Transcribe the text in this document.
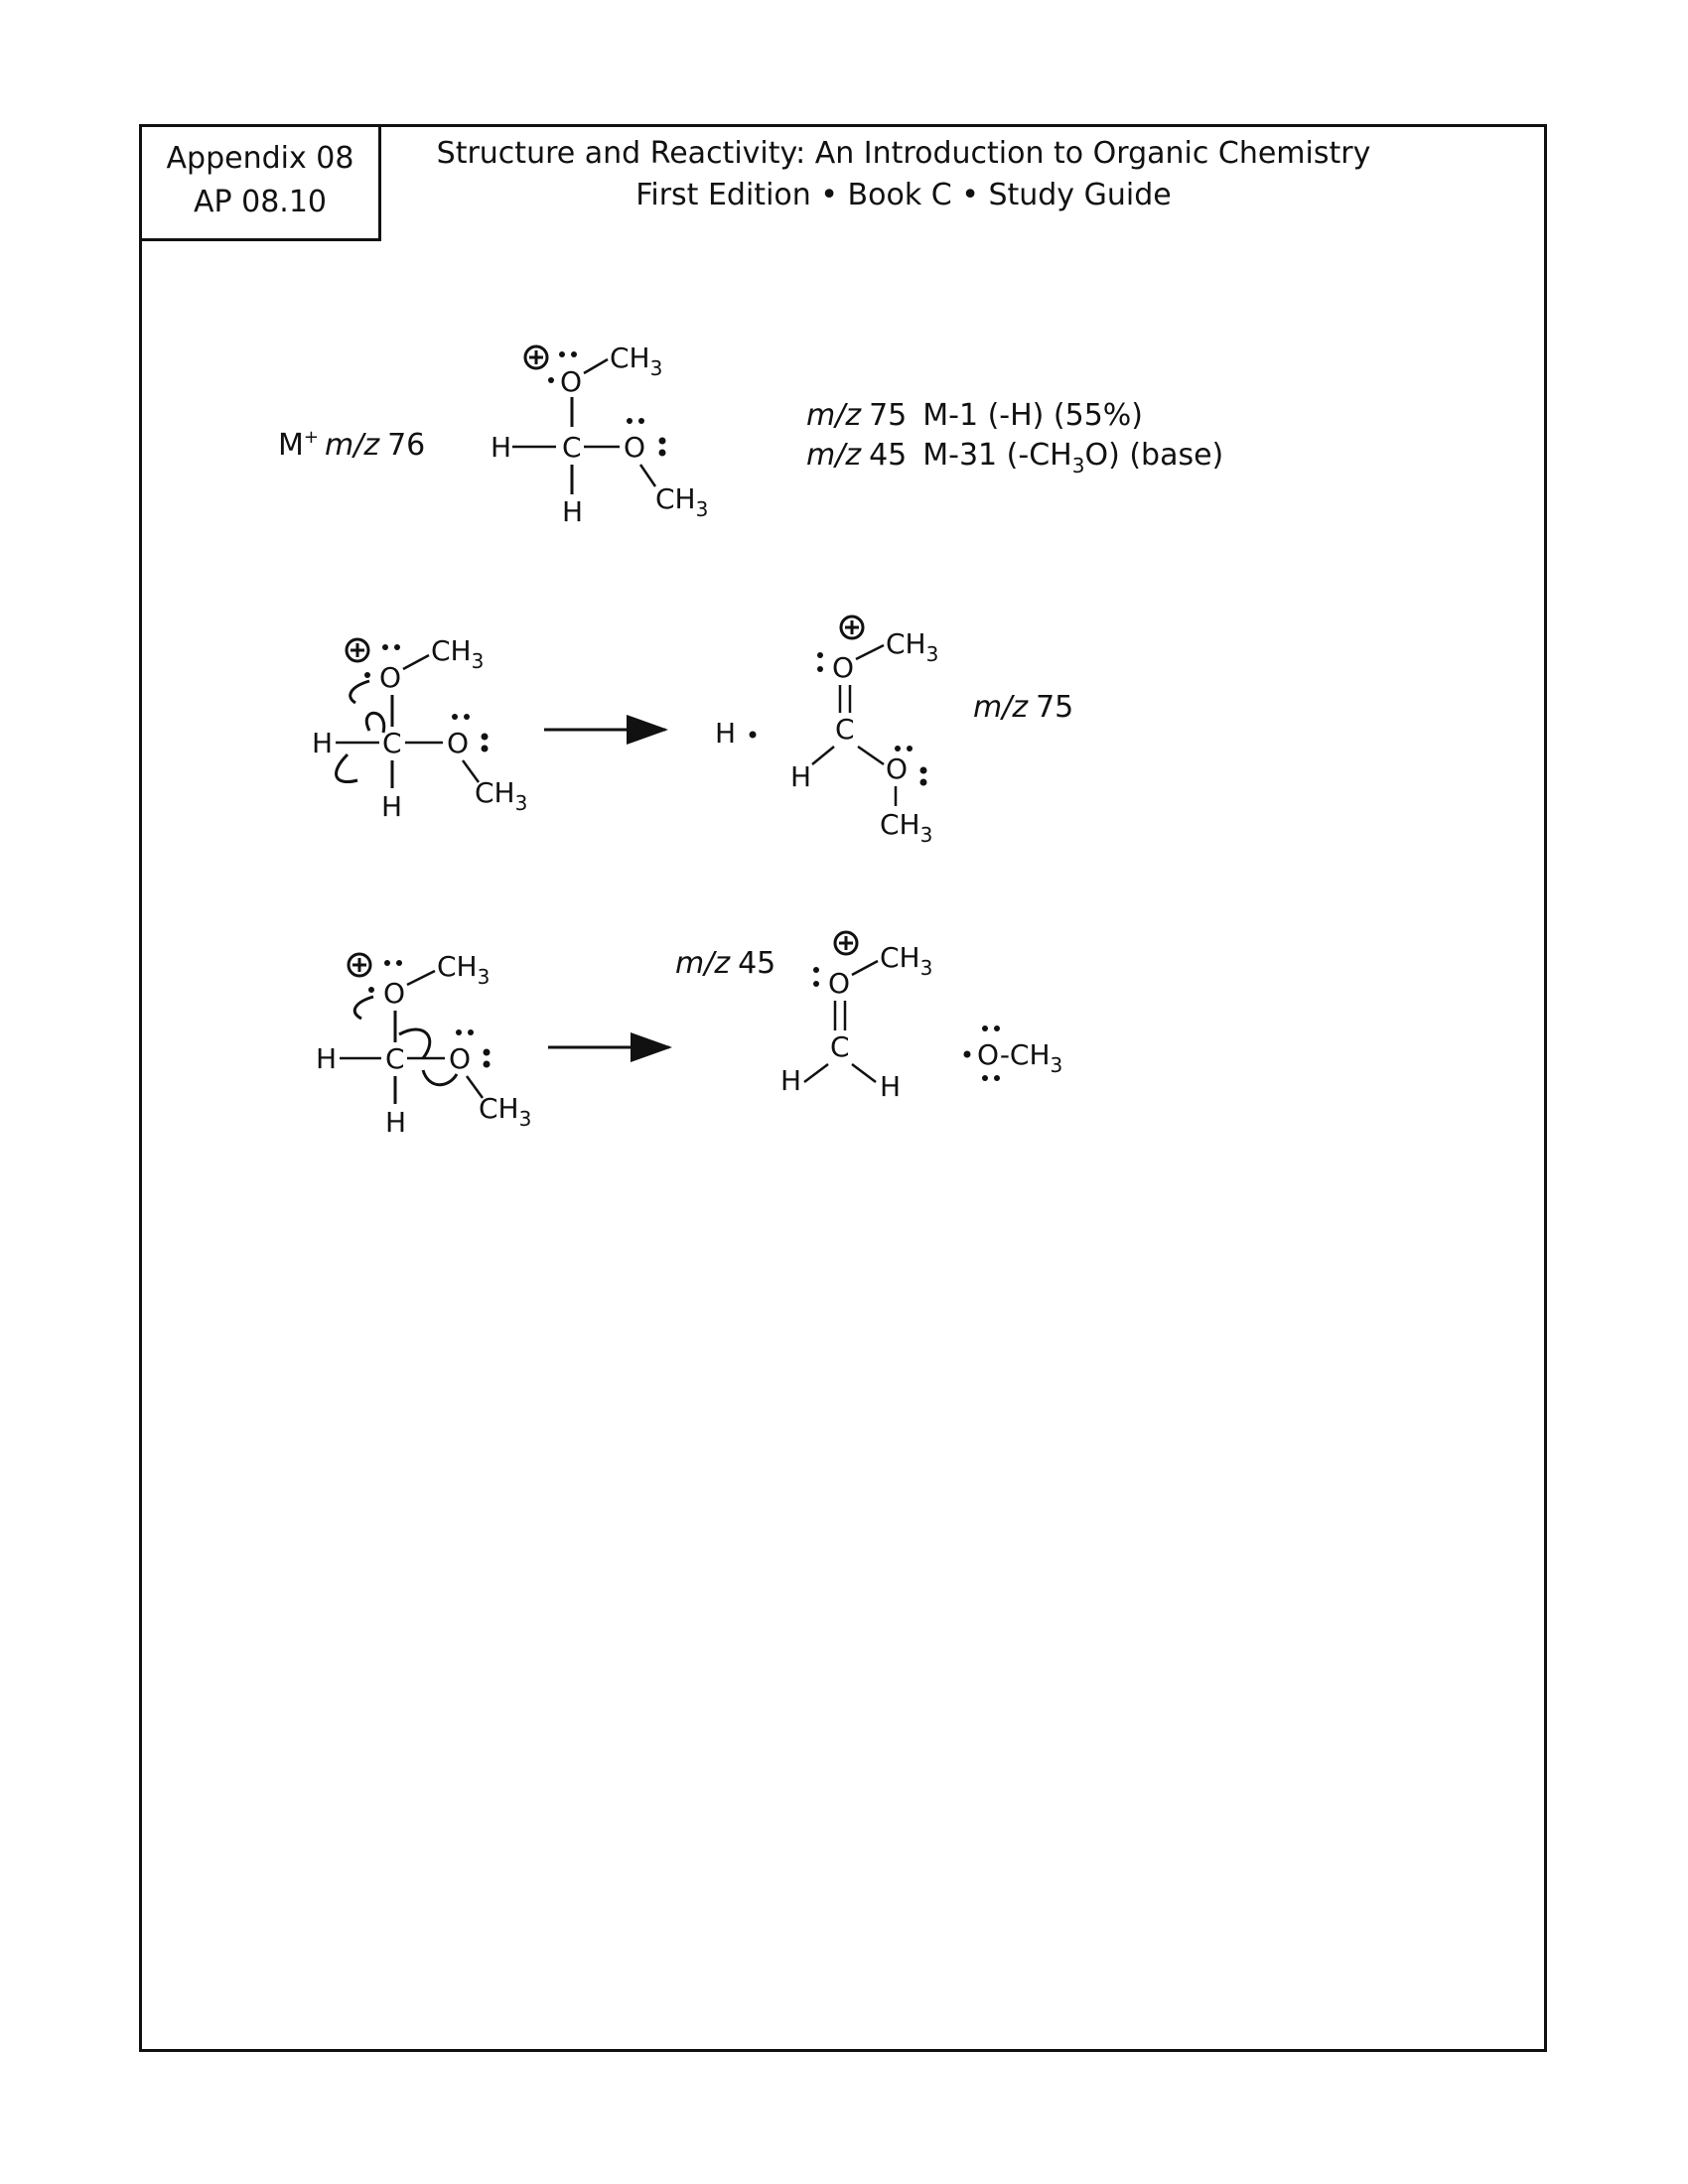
Appendix 08
AP 08.10
Structure and Reactivity: An Introduction to Organic Chemistry
First Edition • Book C • Study Guide
M+ m/z 76
O
$CH_3$
H C O
H	$CH_3$
m/z 75 M-1 (-H) (55%)
m/z 45 M-31 $(-CH_3O)$ (base)
O
$CH_3$
H C O
H	$CH_3$
H
O
$CH_3$
C
H	O
$CH_3$
m/z 75
O
$CH_3$
H C O
H	$CH_3$
m/z 45
O
$CH_3$
C
H	H
$O-CH_3$
